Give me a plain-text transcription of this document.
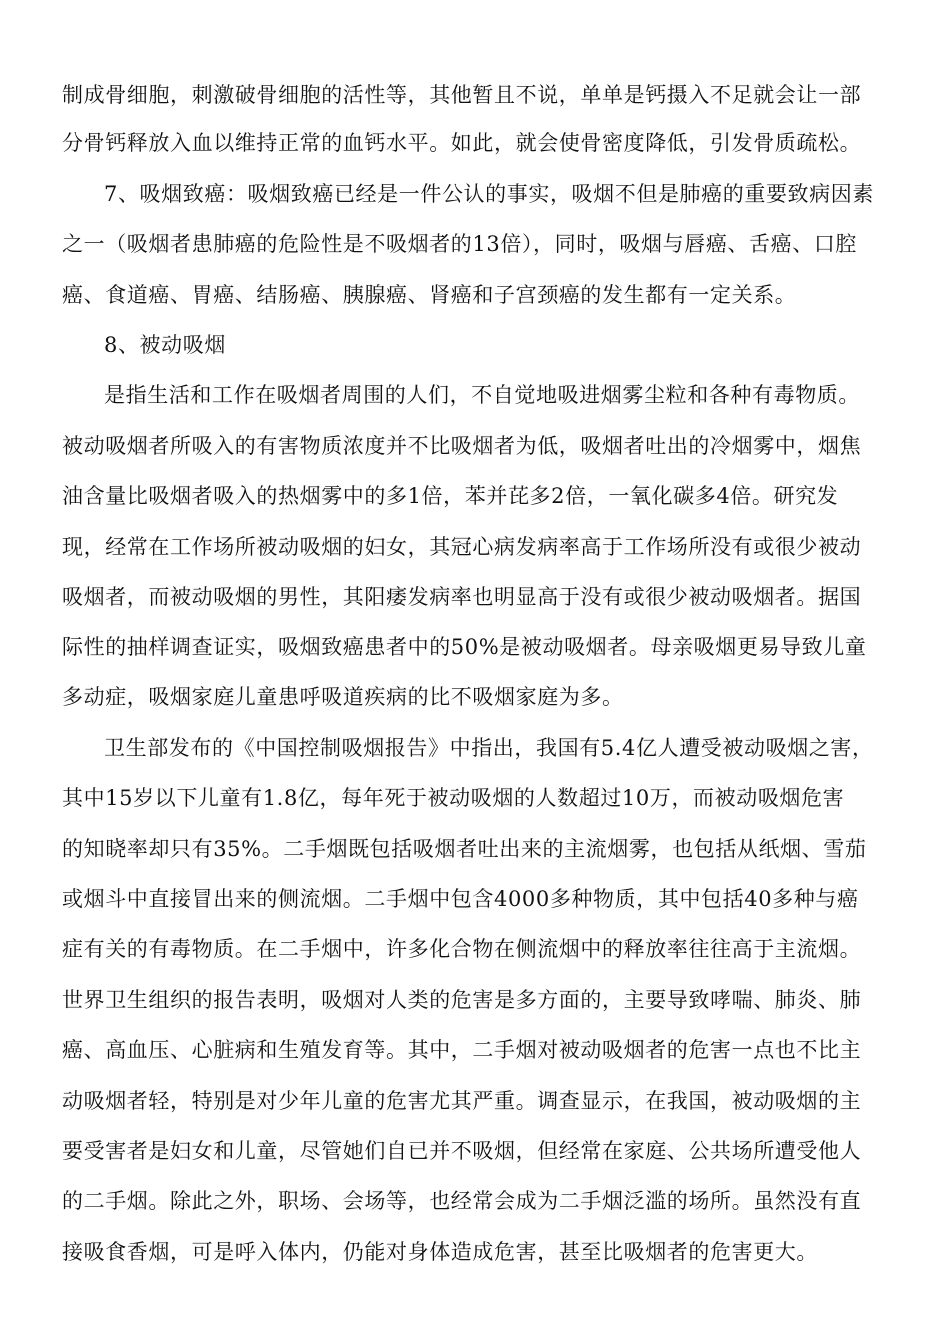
制成骨细胞，刺激破骨细胞的活性等，其他暂且不说，单单是钙摄入不足就会让一部
分骨钙释放入血以维持正常的血钙水平。如此，就会使骨密度降低，引发骨质疏松。
7、吸烟致癌：吸烟致癌已经是一件公认的事实，吸烟不但是肺癌的重要致病因素
之一（吸烟者患肺癌的危险性是不吸烟者的13倍），同时，吸烟与唇癌、舌癌、口腔
癌、食道癌、胃癌、结肠癌、胰腺癌、肾癌和子宫颈癌的发生都有一定关系。
8、被动吸烟
是指生活和工作在吸烟者周围的人们，不自觉地吸进烟雾尘粒和各种有毒物质。
被动吸烟者所吸入的有害物质浓度并不比吸烟者为低，吸烟者吐出的冷烟雾中，烟焦
油含量比吸烟者吸入的热烟雾中的多1倍，苯并芘多2倍，一氧化碳多4倍。研究发
现，经常在工作场所被动吸烟的妇女，其冠心病发病率高于工作场所没有或很少被动
吸烟者，而被动吸烟的男性，其阳痿发病率也明显高于没有或很少被动吸烟者。据国
际性的抽样调查证实，吸烟致癌患者中的50%是被动吸烟者。母亲吸烟更易导致儿童
多动症，吸烟家庭儿童患呼吸道疾病的比不吸烟家庭为多。
卫生部发布的《中国控制吸烟报告》中指出，我国有5.4亿人遭受被动吸烟之害，
其中15岁以下儿童有1.8亿，每年死于被动吸烟的人数超过10万，而被动吸烟危害
的知晓率却只有35%。二手烟既包括吸烟者吐出来的主流烟雾，也包括从纸烟、雪茄
或烟斗中直接冒出来的侧流烟。二手烟中包含4000多种物质，其中包括40多种与癌
症有关的有毒物质。在二手烟中，许多化合物在侧流烟中的释放率往往高于主流烟。
世界卫生组织的报告表明，吸烟对人类的危害是多方面的，主要导致哮喘、肺炎、肺
癌、高血压、心脏病和生殖发育等。其中，二手烟对被动吸烟者的危害一点也不比主
动吸烟者轻，特别是对少年儿童的危害尤其严重。调查显示，在我国，被动吸烟的主
要受害者是妇女和儿童，尽管她们自已并不吸烟，但经常在家庭、公共场所遭受他人
的二手烟。除此之外，职场、会场等，也经常会成为二手烟泛滥的场所。虽然没有直
接吸食香烟，可是呼入体内，仍能对身体造成危害，甚至比吸烟者的危害更大。
